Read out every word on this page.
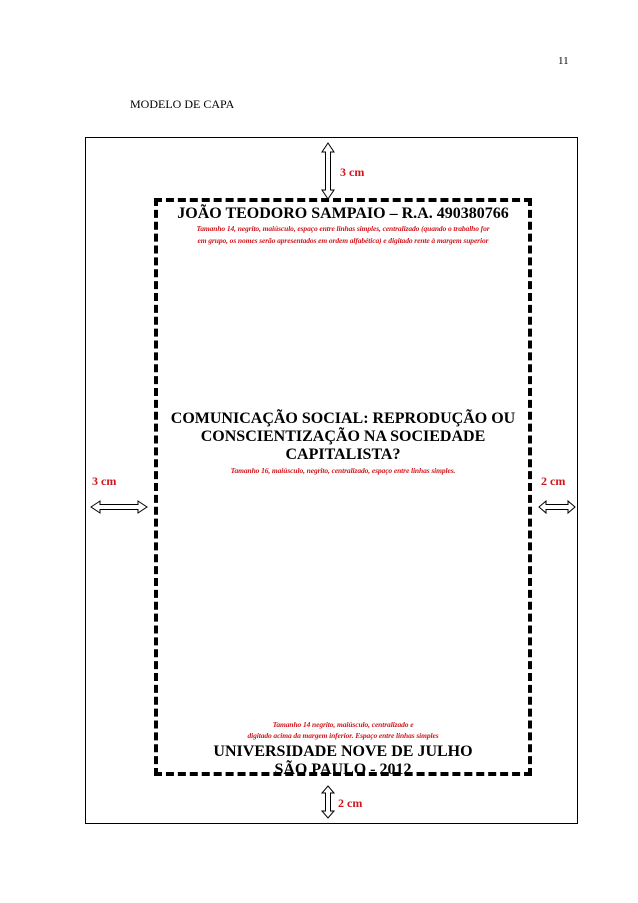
11
MODELO DE CAPA
3 cm
2 cm
3 cm	2 cm
JOÃO TEODORO SAMPAIO – R.A. 490380766
Tamanho 14, negrito, maiúsculo, espaço entre linhas simples, centralizado (quando o trabalho for
em grupo, os nomes serão apresentados em ordem alfabética) e digitado rente à margem superior
COMUNICAÇÃO SOCIAL: REPRODUÇÃO OU
CONSCIENTIZAÇÃO NA SOCIEDADE
CAPITALISTA?
Tamanho 16, maiúsculo, negrito, centralizado, espaço entre linhas simples.
Tamanho 14 negrito, maiúsculo, centralizado e
digitado acima da margem inferior. Espaço entre linhas simples
UNIVERSIDADE NOVE DE JULHO
SÃO PAULO - 2012
